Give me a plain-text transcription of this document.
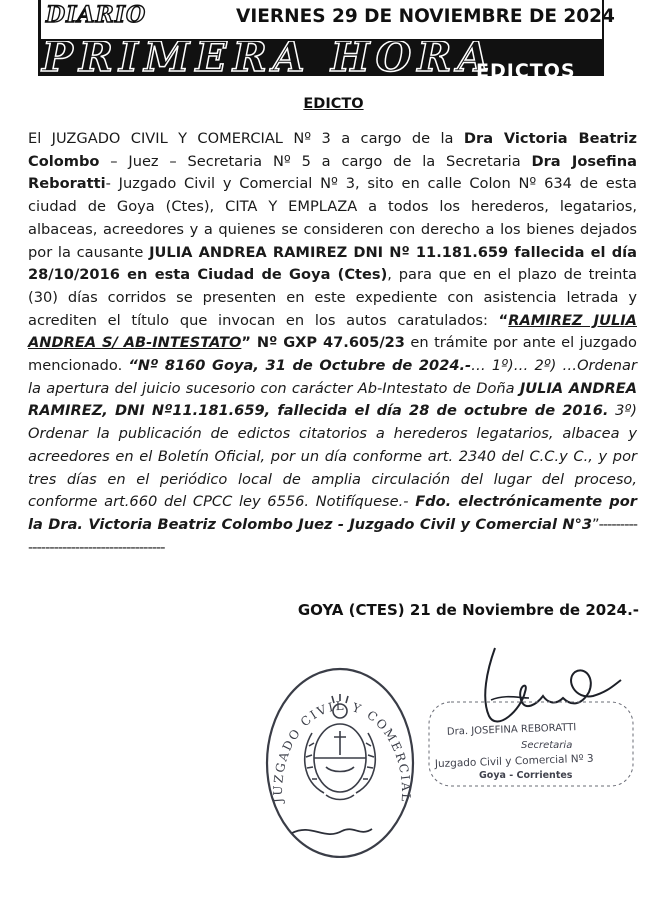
DIARIO	VIERNES 29 DE NOVIEMBRE DE 2024
PRIMERA HORA
EDICTOS
EDICTO
El JUZGADO CIVIL Y COMERCIAL Nº 3 a cargo de la Dra Victoria Beatriz Colombo – Juez – Secretaria Nº 5 a cargo de la Secretaria Dra Josefina Reboratti- Juzgado Civil y Comercial Nº 3, sito en calle Colon Nº 634 de esta ciudad de Goya (Ctes), CITA Y EMPLAZA a todos los herederos, legatarios, albaceas, acreedores y a quienes se consideren con derecho a los bienes dejados por la causante JULIA ANDREA RAMIREZ DNI Nº 11.181.659 fallecida el día 28/10/2016 en esta Ciudad de Goya (Ctes), para que en el plazo de treinta (30) días corridos se presenten en este expediente con asistencia letrada y acrediten el título que invocan en los autos caratulados: “RAMIREZ JULIA ANDREA S/ AB-INTESTATO” Nº GXP 47.605/23 en trámite por ante el juzgado mencionado. “Nº 8160 Goya, 31 de Octubre de 2024.-… 1º)… 2º) …Ordenar la apertura del juicio sucesorio con carácter Ab-Intestato de Doña JULIA ANDREA RAMIREZ, DNI Nº11.181.659, fallecida el día 28 de octubre de 2016. 3º) Ordenar la publicación de edictos citatorios a herederos legatarios, albacea y acreedores en el Boletín Oficial, por un día conforme art. 2340 del C.C.y C., y por tres días en el periódico local de amplia circulación del lugar del proceso, conforme art.660 del CPCC ley 6556. Notifíquese.- Fdo. electrónicamente por la Dra. Victoria Beatriz Colombo Juez - Juzgado Civil y Comercial N°3”-----------------------------------------
GOYA (CTES) 21 de Noviembre de 2024.-
JUZGADO CIVIL Y COMERCIAL
Dra. JOSEFINA REBORATTI
Secretaria
Juzgado Civil y Comercial Nº 3
Goya - Corrientes
